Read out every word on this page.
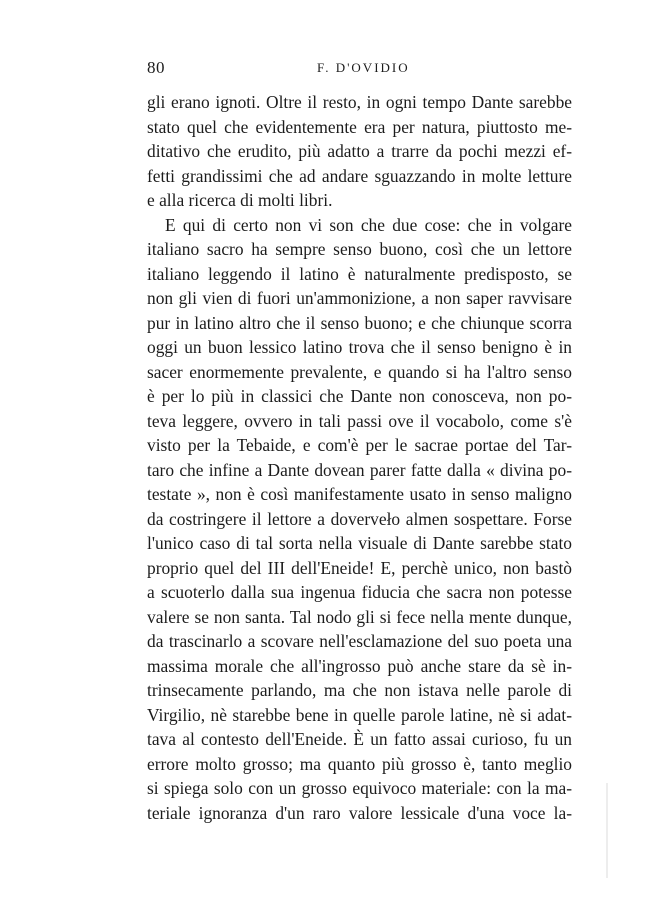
80	F. D'OVIDIO
gli erano ignoti. Oltre il resto, in ogni tempo Dante sarebbe
stato quel che evidentemente era per natura, piuttosto me-
ditativo che erudito, più adatto a trarre da pochi mezzi ef-
fetti grandissimi che ad andare sguazzando in molte letture
e alla ricerca di molti libri.
E qui di certo non vi son che due cose: che in volgare
italiano sacro ha sempre senso buono, così che un lettore
italiano leggendo il latino è naturalmente predisposto, se
non gli vien di fuori un'ammonizione, a non saper ravvisare
pur in latino altro che il senso buono; e che chiunque scorra
oggi un buon lessico latino trova che il senso benigno è in
sacer enormemente prevalente, e quando si ha l'altro senso
è per lo più in classici che Dante non conosceva, non po-
teva leggere, ovvero in tali passi ove il vocabolo, come s'è
visto per la Tebaide, e com'è per le sacrae portae del Tar-
taro che infine a Dante dovean parer fatte dalla « divina po-
testate », non è così manifestamente usato in senso maligno
da costringere il lettore a doverveło almen sospettare. Forse
l'unico caso di tal sorta nella visuale di Dante sarebbe stato
proprio quel del III dell'Eneide! E, perchè unico, non bastò
a scuoterlo dalla sua ingenua fiducia che sacra non potesse
valere se non santa. Tal nodo gli si fece nella mente dunque,
da trascinarlo a scovare nell'esclamazione del suo poeta una
massima morale che all'ingrosso può anche stare da sè in-
trinsecamente parlando, ma che non istava nelle parole di
Virgilio, nè starebbe bene in quelle parole latine, nè si adat-
tava al contesto dell'Eneide. È un fatto assai curioso, fu un
errore molto grosso; ma quanto più grosso è, tanto meglio
si spiega solo con un grosso equivoco materiale: con la ma-
teriale ignoranza d'un raro valore lessicale d'una voce la-
